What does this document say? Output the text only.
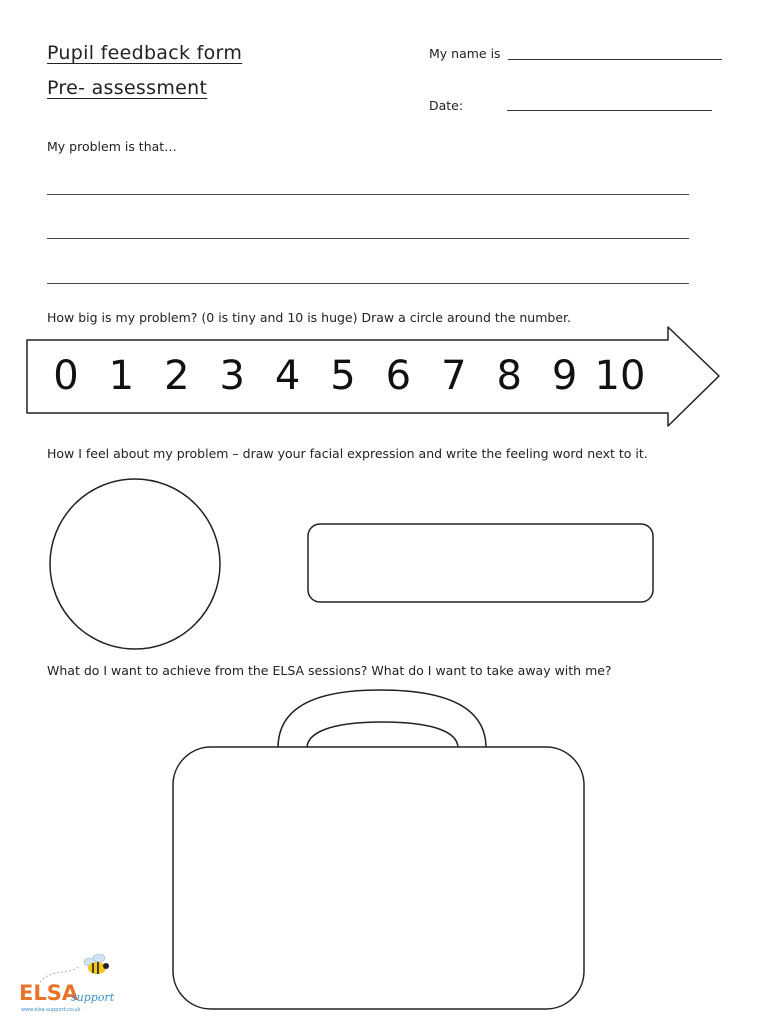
Pupil feedback form
Pre- assessment
My name is
Date:
My problem is that…
How big is my problem? (0 is tiny and 10 is huge) Draw a circle around the number.
0 1 2 3 4 5 6 7 8 9 10
ELSA
support
www.elsa-support.co.uk
How I feel about my problem – draw your facial expression and write the feeling word next to it.
What do I want to achieve from the ELSA sessions? What do I want to take away with me?
